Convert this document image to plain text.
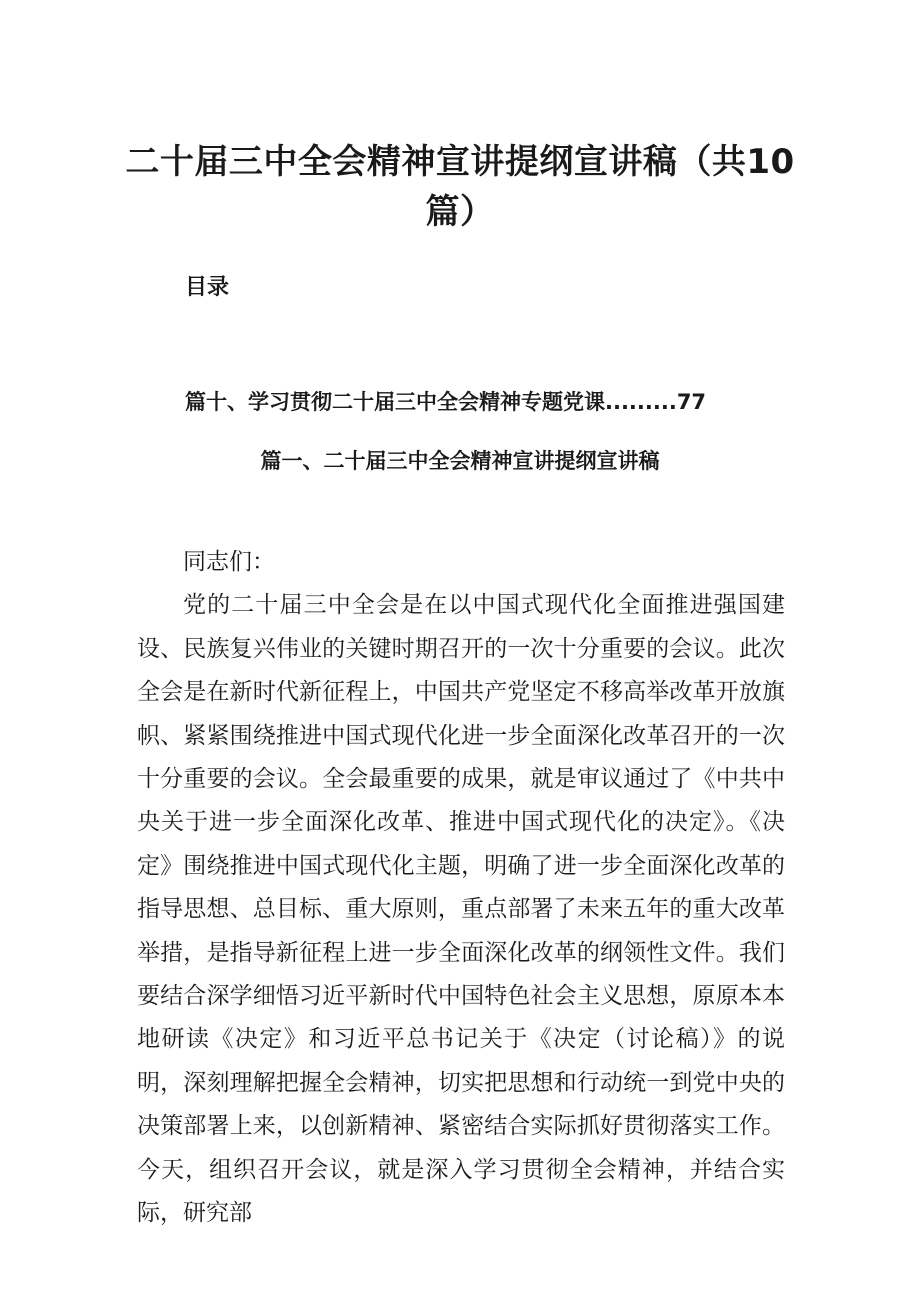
二十届三中全会精神宣讲提纲宣讲稿（共10篇）
目录
篇十、学习贯彻二十届三中全会精神专题党课.........77
篇一、二十届三中全会精神宣讲提纲宣讲稿

同志们：

党的二十届三中全会是在以中国式现代化全面推进强国建设、民族复兴伟业的关键时期召开的一次十分重要的会议。此次全会是在新时代新征程上，中国共产党坚定不移高举改革开放旗帜、紧紧围绕推进中国式现代化进一步全面深化改革召开的一次十分重要的会议。全会最重要的成果，就是审议通过了《中共中央关于进一步全面深化改革、推进中国式现代化的决定》。《决定》围绕推进中国式现代化主题，明确了进一步全面深化改革的指导思想、总目标、重大原则，重点部署了未来五年的重大改革举措，是指导新征程上进一步全面深化改革的纲领性文件。我们要结合深学细悟习近平新时代中国特色社会主义思想，原原本本地研读《决定》和习近平总书记关于《决定（讨论稿）》的说明，深刻理解把握全会精神，切实把思想和行动统一到党中央的决策部署上来，以创新精神、紧密结合实际抓好贯彻落实工作。今天，组织召开会议，就是深入学习贯彻全会精神，并结合实际，研究部
